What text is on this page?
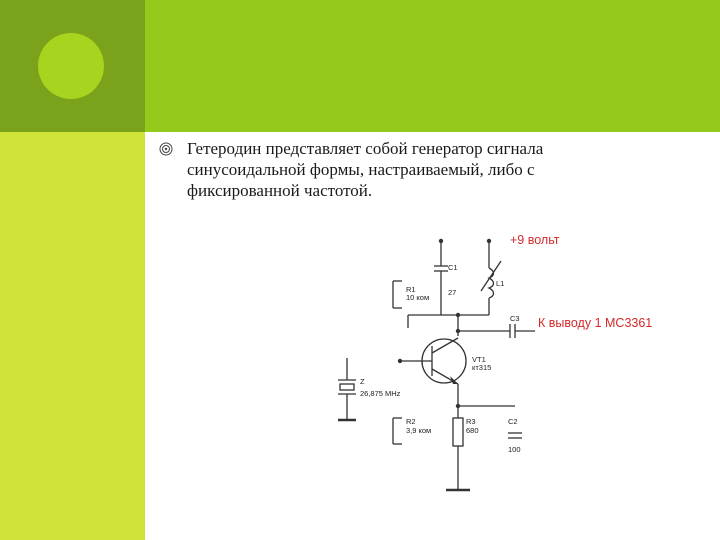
Гетеродин представляет собой генератор сигнала синусоидальной формы, настраиваемый, либо с фиксированной частотой.
+9 вольт
К выводу 1 МС3361
C1
27
L1
R1
10 ком
C3
VT1
кт315
Z
26,875 МНz
R2
3,9 ком
R3
680
C2
100
